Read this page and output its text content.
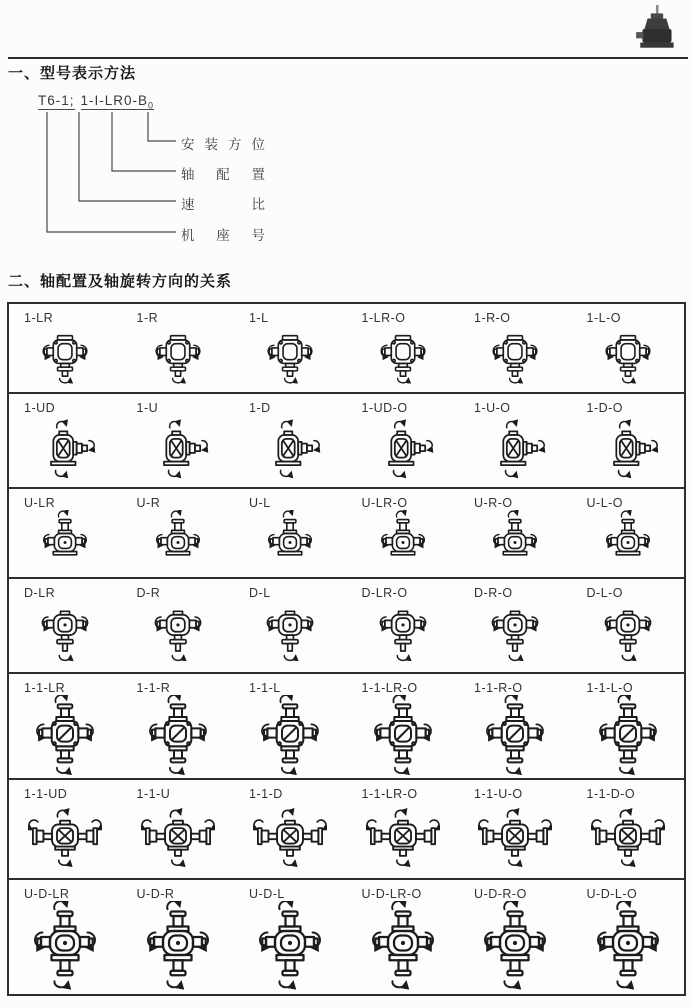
一、型号表示方法
T6-1; $1-I-LR0-B_0$
安装方位
轴配置
速比
机座号
二、轴配置及轴旋转方向的关系
1-LR	1-R	1-L	1-LR-O	1-R-O	1-L-O
1-UD	1-U	1-D	1-UD-O	1-U-O	1-D-O
U-LR	U-R	U-L	U-LR-O	U-R-O	U-L-O
D-LR	D-R	D-L	D-LR-O	D-R-O	D-L-O
1-1-LR	1-1-R	1-1-L	1-1-LR-O	1-1-R-O	1-1-L-O
1-1-UD	1-1-U	1-1-D	1-1-LR-O	1-1-U-O	1-1-D-O
U-D-LR	U-D-R	U-D-L	U-D-LR-O	U-D-R-O	U-D-L-O
